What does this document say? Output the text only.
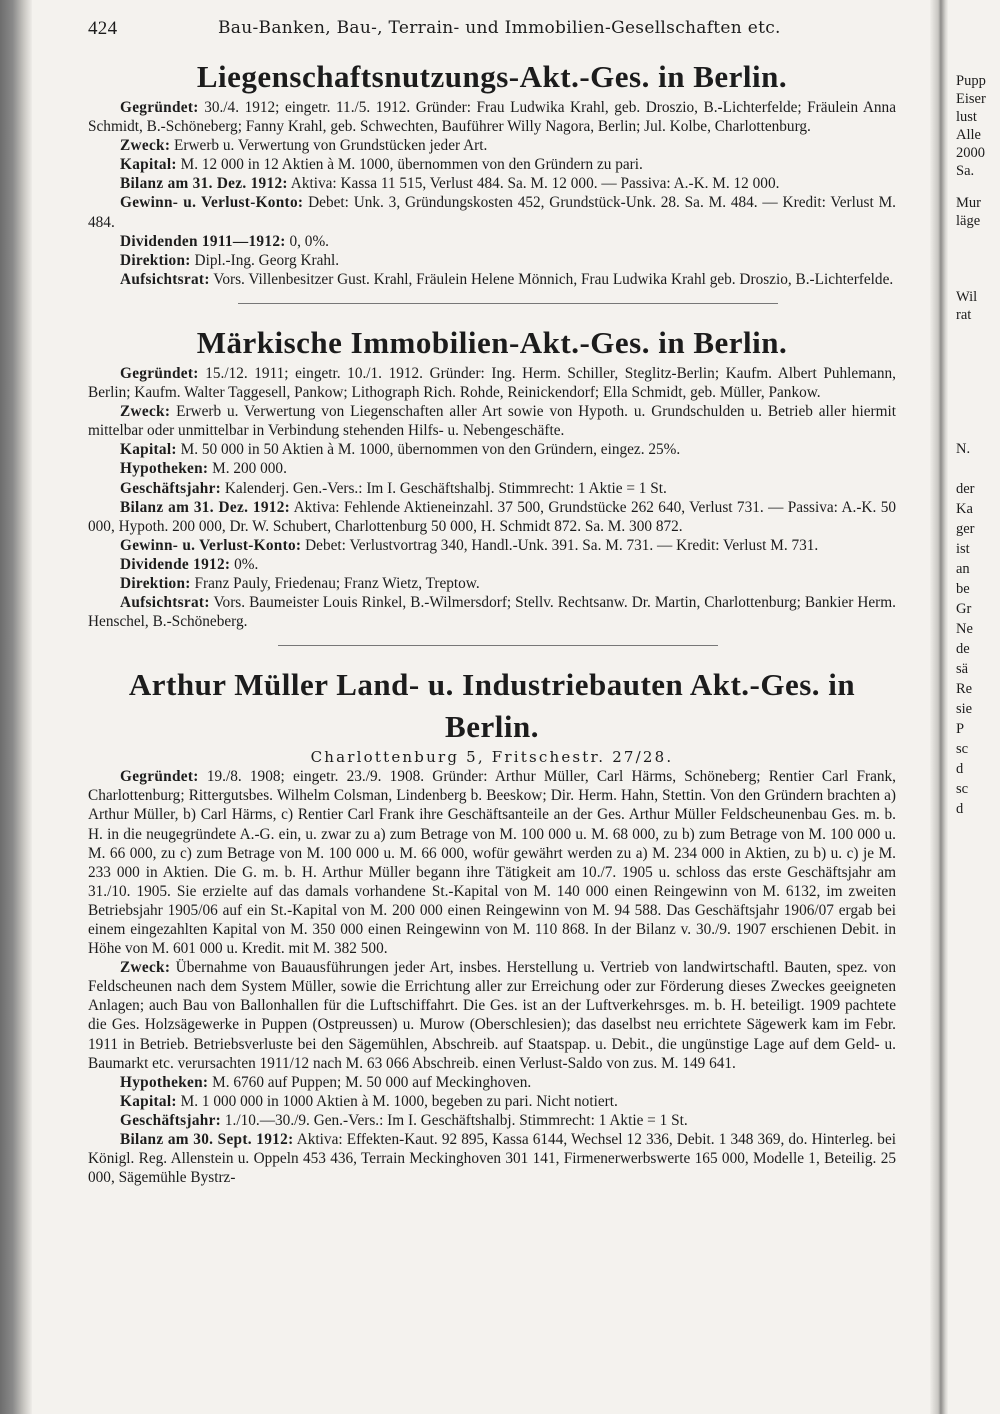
424	Bau-Banken, Bau-, Terrain- und Immobilien-Gesellschaften etc.
Liegenschaftsnutzungs-Akt.-Ges. in Berlin.

Gegründet: 30./4. 1912; eingetr. 11./5. 1912. Gründer: Frau Ludwika Krahl, geb. Droszio, B.-Lichterfelde; Fräulein Anna Schmidt, B.-Schöneberg; Fanny Krahl, geb. Schwechten, Bauführer Willy Nagora, Berlin; Jul. Kolbe, Charlottenburg.

Zweck: Erwerb u. Verwertung von Grundstücken jeder Art.

Kapital: M. 12 000 in 12 Aktien à M. 1000, übernommen von den Gründern zu pari.

Bilanz am 31. Dez. 1912: Aktiva: Kassa 11 515, Verlust 484. Sa. M. 12 000. — Passiva: A.-K. M. 12 000.

Gewinn- u. Verlust-Konto: Debet: Unk. 3, Gründungskosten 452, Grundstück-Unk. 28. Sa. M. 484. — Kredit: Verlust M. 484.

Dividenden 1911—1912: 0, 0%.

Direktion: Dipl.-Ing. Georg Krahl.

Aufsichtsrat: Vors. Villenbesitzer Gust. Krahl, Fräulein Helene Mönnich, Frau Ludwika Krahl geb. Droszio, B.-Lichterfelde.

Märkische Immobilien-Akt.-Ges. in Berlin.

Gegründet: 15./12. 1911; eingetr. 10./1. 1912. Gründer: Ing. Herm. Schiller, Steglitz-Berlin; Kaufm. Albert Puhlemann, Berlin; Kaufm. Walter Taggesell, Pankow; Lithograph Rich. Rohde, Reinickendorf; Ella Schmidt, geb. Müller, Pankow.

Zweck: Erwerb u. Verwertung von Liegenschaften aller Art sowie von Hypoth. u. Grundschulden u. Betrieb aller hiermit mittelbar oder unmittelbar in Verbindung stehenden Hilfs- u. Nebengeschäfte.

Kapital: M. 50 000 in 50 Aktien à M. 1000, übernommen von den Gründern, eingez. 25%.

Hypotheken: M. 200 000.

Geschäftsjahr: Kalenderj. Gen.-Vers.: Im I. Geschäftshalbj. Stimmrecht: 1 Aktie = 1 St.

Bilanz am 31. Dez. 1912: Aktiva: Fehlende Aktieneinzahl. 37 500, Grundstücke 262 640, Verlust 731. — Passiva: A.-K. 50 000, Hypoth. 200 000, Dr. W. Schubert, Charlottenburg 50 000, H. Schmidt 872. Sa. M. 300 872.

Gewinn- u. Verlust-Konto: Debet: Verlustvortrag 340, Handl.-Unk. 391. Sa. M. 731. — Kredit: Verlust M. 731.

Dividende 1912: 0%.

Direktion: Franz Pauly, Friedenau; Franz Wietz, Treptow.

Aufsichtsrat: Vors. Baumeister Louis Rinkel, B.-Wilmersdorf; Stellv. Rechtsanw. Dr. Martin, Charlottenburg; Bankier Herm. Henschel, B.-Schöneberg.

Arthur Müller Land- u. Industriebauten Akt.-Ges. in Berlin.
Charlottenburg 5, Fritschestr. 27/28.

Gegründet: 19./8. 1908; eingetr. 23./9. 1908. Gründer: Arthur Müller, Carl Härms, Schöneberg; Rentier Carl Frank, Charlottenburg; Rittergutsbes. Wilhelm Colsman, Lindenberg b. Beeskow; Dir. Herm. Hahn, Stettin. Von den Gründern brachten a) Arthur Müller, b) Carl Härms, c) Rentier Carl Frank ihre Geschäftsanteile an der Ges. Arthur Müller Feldscheunenbau Ges. m. b. H. in die neugegründete A.-G. ein, u. zwar zu a) zum Betrage von M. 100 000 u. M. 68 000, zu b) zum Betrage von M. 100 000 u. M. 66 000, zu c) zum Betrage von M. 100 000 u. M. 66 000, wofür gewährt werden zu a) M. 234 000 in Aktien, zu b) u. c) je M. 233 000 in Aktien. Die G. m. b. H. Arthur Müller begann ihre Tätigkeit am 10./7. 1905 u. schloss das erste Geschäftsjahr am 31./10. 1905. Sie erzielte auf das damals vorhandene St.-Kapital von M. 140 000 einen Reingewinn von M. 6132, im zweiten Betriebsjahr 1905/06 auf ein St.-Kapital von M. 200 000 einen Reingewinn von M. 94 588. Das Geschäftsjahr 1906/07 ergab bei einem eingezahlten Kapital von M. 350 000 einen Reingewinn von M. 110 868. In der Bilanz v. 30./9. 1907 erschienen Debit. in Höhe von M. 601 000 u. Kredit. mit M. 382 500.

Zweck: Übernahme von Bauausführungen jeder Art, insbes. Herstellung u. Vertrieb von landwirtschaftl. Bauten, spez. von Feldscheunen nach dem System Müller, sowie die Errichtung aller zur Erreichung oder zur Förderung dieses Zweckes geeigneten Anlagen; auch Bau von Ballonhallen für die Luftschiffahrt. Die Ges. ist an der Luftverkehrsges. m. b. H. beteiligt. 1909 pachtete die Ges. Holzsägewerke in Puppen (Ostpreussen) u. Murow (Oberschlesien); das daselbst neu errichtete Sägewerk kam im Febr. 1911 in Betrieb. Betriebsverluste bei den Sägemühlen, Abschreib. auf Staatspap. u. Debit., die ungünstige Lage auf dem Geld- u. Baumarkt etc. verursachten 1911/12 nach M. 63 066 Abschreib. einen Verlust-Saldo von zus. M. 149 641.

Hypotheken: M. 6760 auf Puppen; M. 50 000 auf Meckinghoven.

Kapital: M. 1 000 000 in 1000 Aktien à M. 1000, begeben zu pari. Nicht notiert.

Geschäftsjahr: 1./10.—30./9. Gen.-Vers.: Im I. Geschäftshalbj. Stimmrecht: 1 Aktie = 1 St.

Bilanz am 30. Sept. 1912: Aktiva: Effekten-Kaut. 92 895, Kassa 6144, Wechsel 12 336, Debit. 1 348 369, do. Hinterleg. bei Königl. Reg. Allenstein u. Oppeln 453 436, Terrain Meckinghoven 301 141, Firmenerwerbswerte 165 000, Modelle 1, Beteilig. 25 000, Sägemühle Bystrz-

Pupp
Eiser
lust
Alle
2000
Sa.
Mur
läge
Wil
rat
N.
der
Ka
ger
ist
an
be
Gr
Ne
de
sä
Re
sie
P
sc
d
sc
d
